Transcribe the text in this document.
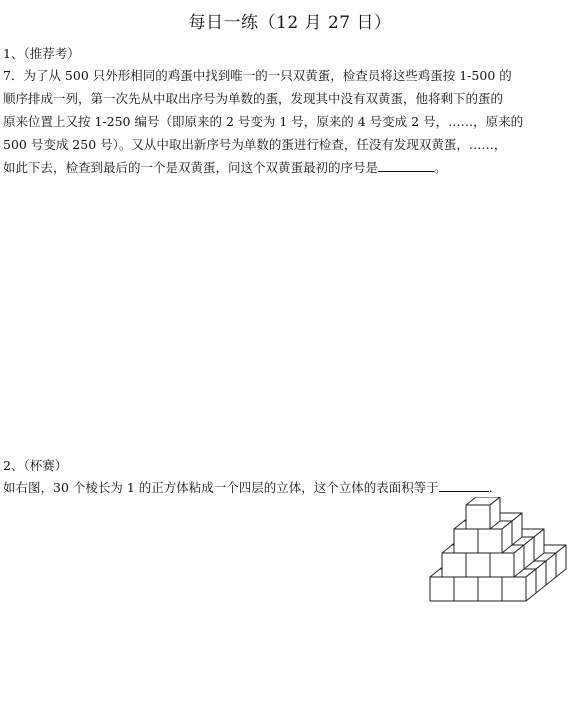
每日一练（12 月 27 日）
1、（推荐考）
7．为了从 500 只外形相同的鸡蛋中找到唯一的一只双黄蛋，检查员将这些鸡蛋按 1-500 的
顺序排成一列，第一次先从中取出序号为单数的蛋，发现其中没有双黄蛋，他将剩下的蛋的
原来位置上又按 1-250 编号（即原来的 2 号变为 1 号，原来的 4 号变成 2 号，……，原来的
500 号变成 250 号）。又从中取出新序号为单数的蛋进行检查，任没有发现双黄蛋，……，
如此下去，检查到最后的一个是双黄蛋，问这个双黄蛋最初的序号是	。
2、（杯赛）
如右图，30 个棱长为 1 的正方体粘成一个四层的立体，这个立体的表面积等于	.
